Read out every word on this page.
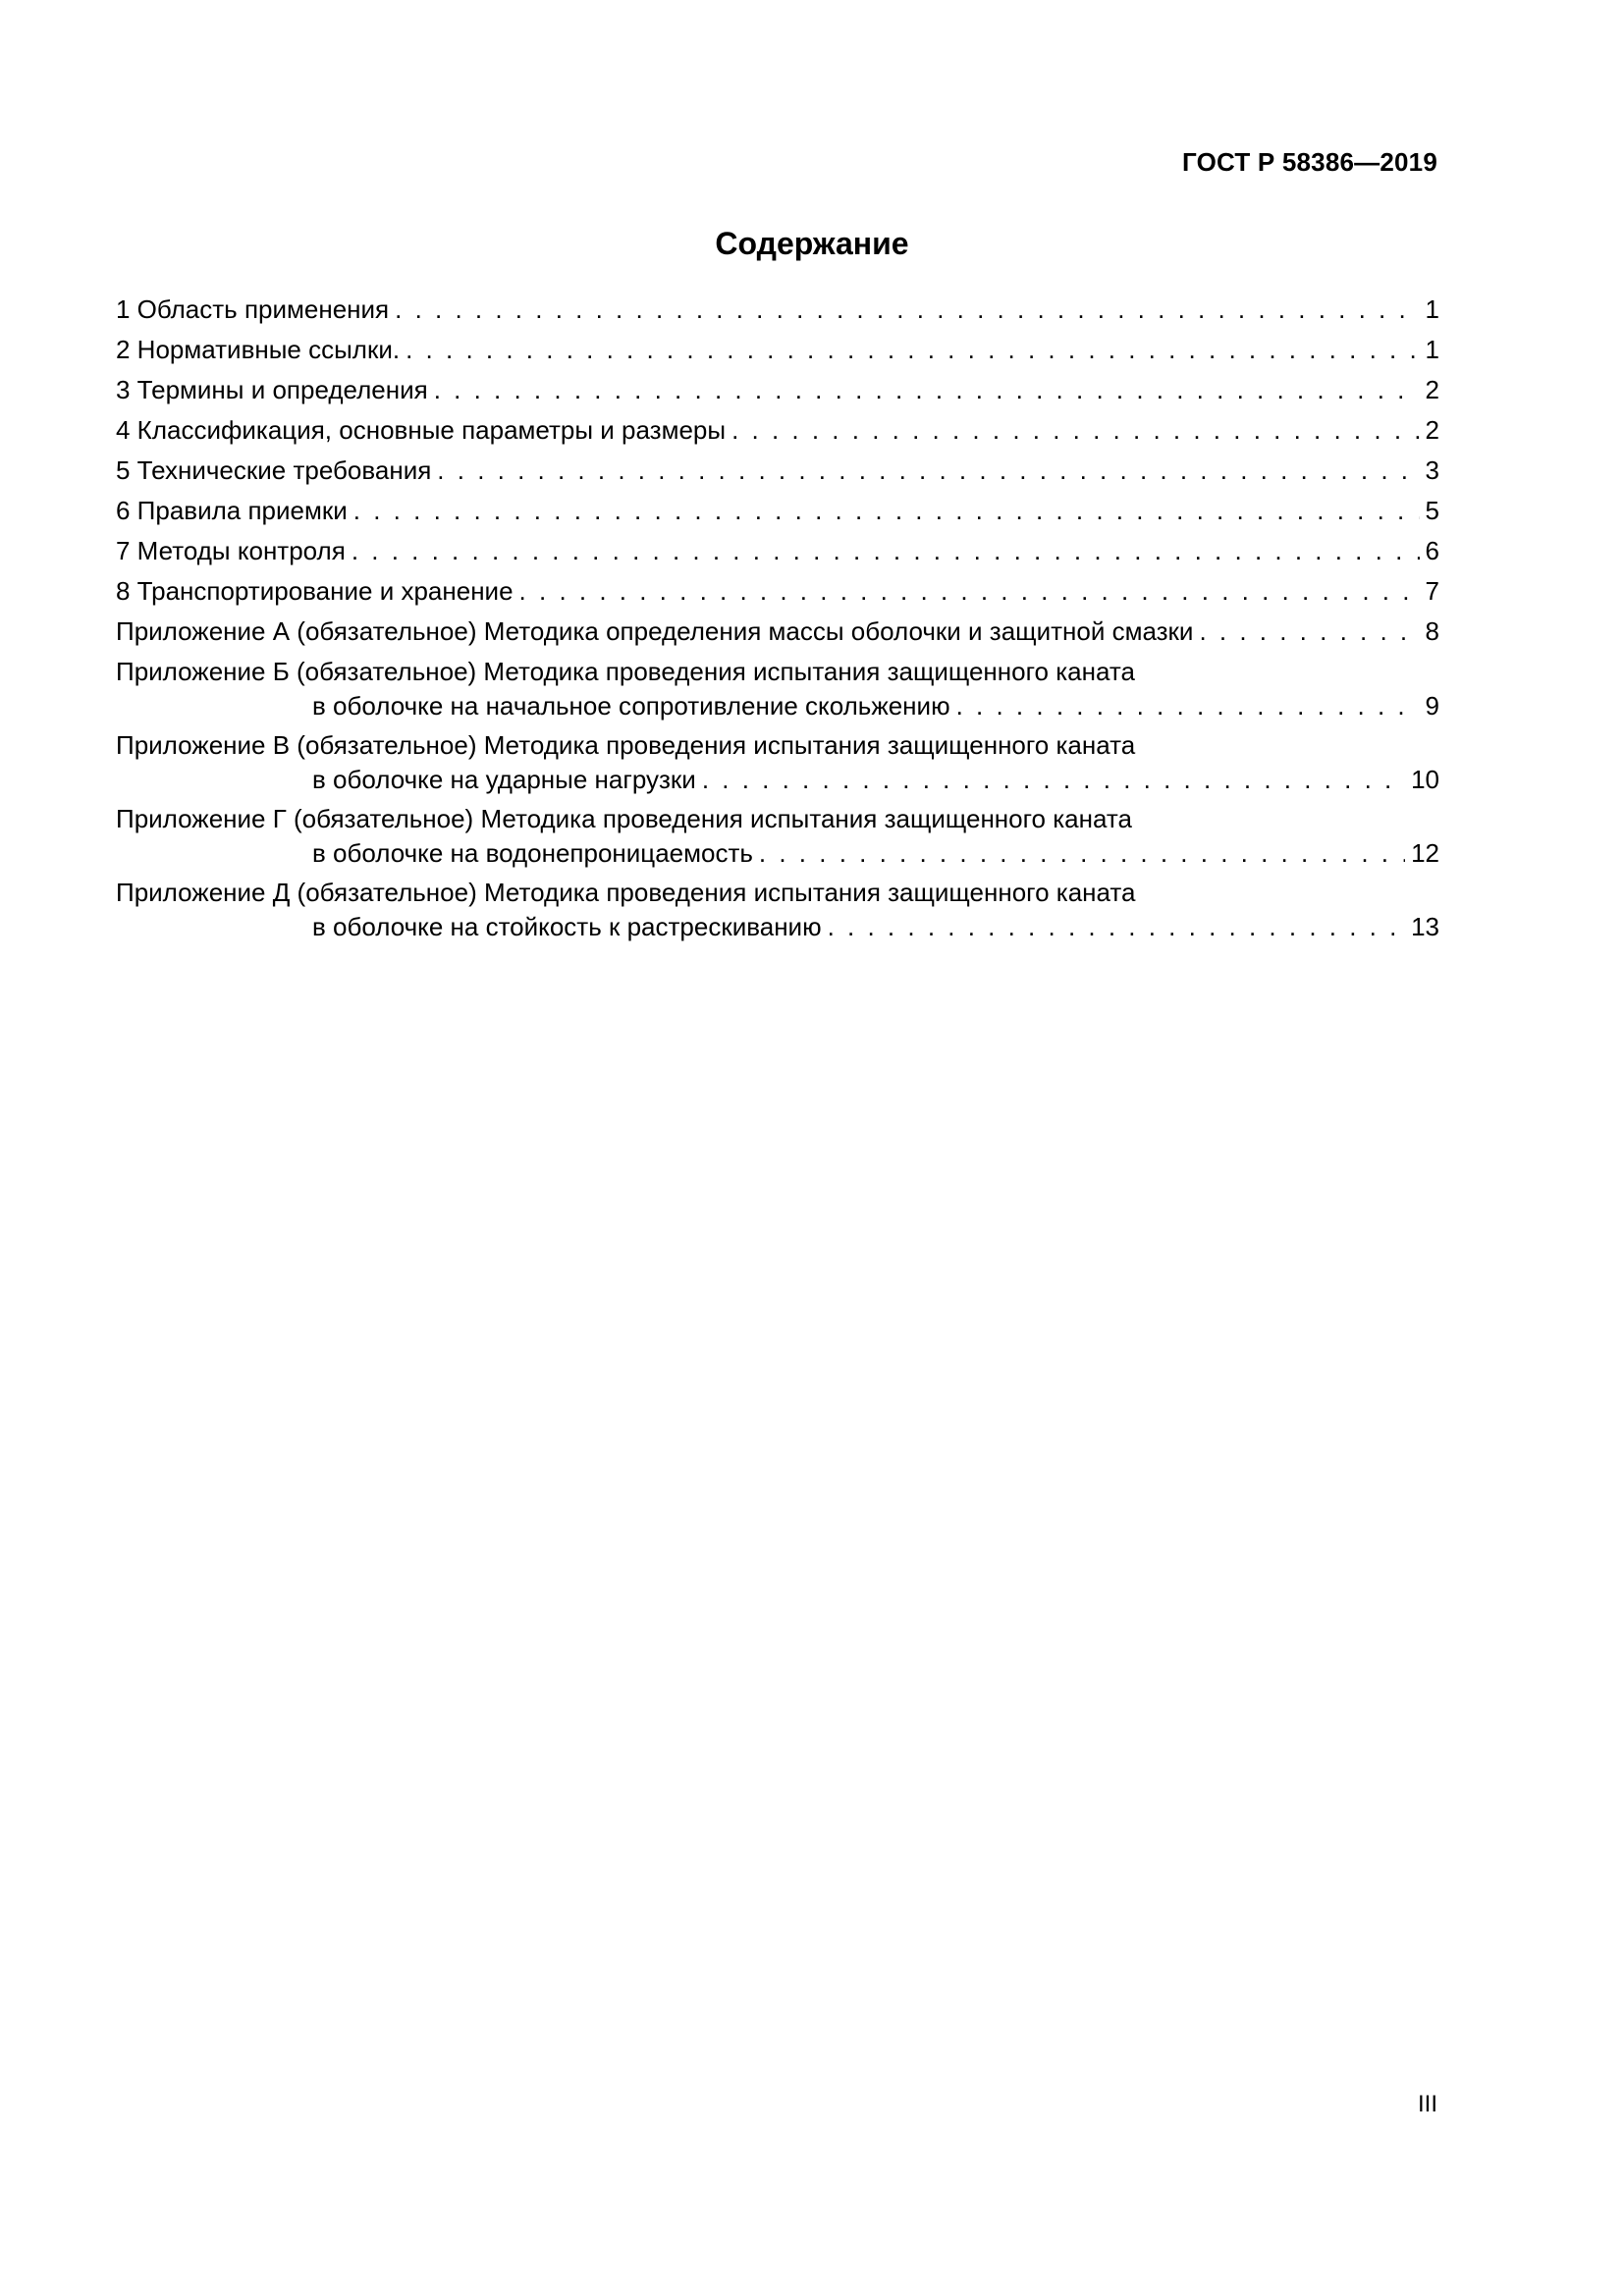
ГОСТ Р 58386—2019
Содержание
1 Область применения . . .	1
2 Нормативные ссылки. . . .	1
3 Термины и определения . . .	2
4 Классификация, основные параметры и размеры . . .	2
5 Технические требования . . .	3
6 Правила приемки . . .	5
7 Методы контроля . . .	6
8 Транспортирование и хранение . . .	7
Приложение А (обязательное) Методика определения массы оболочки и защитной смазки . . .	8
Приложение Б (обязательное) Методика проведения испытания защищенного каната
в оболочке на начальное сопротивление скольжению . . .	9
Приложение В (обязательное) Методика проведения испытания защищенного каната
в оболочке на ударные нагрузки . . .	10
Приложение Г (обязательное) Методика проведения испытания защищенного каната
в оболочке на водонепроницаемость . . .	12
Приложение Д (обязательное) Методика проведения испытания защищенного каната
в оболочке на стойкость к растрескиванию . . .	13
III
